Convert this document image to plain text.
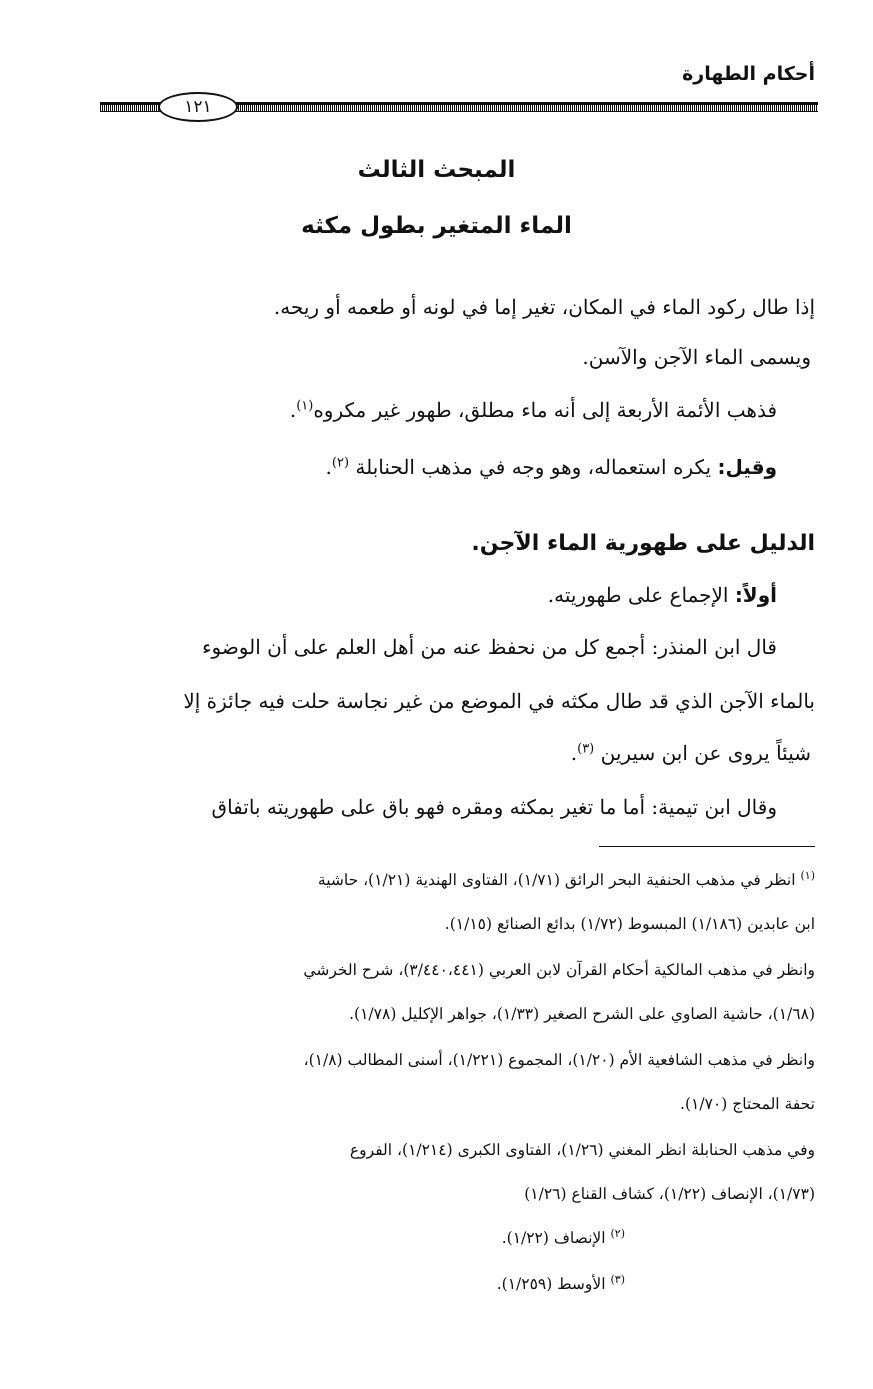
أحكام الطهارة
١٢١
المبحث الثالث
الماء المتغير بطول مكثه
إذا طال ركود الماء في المكان، تغير إما في لونه أو طعمه أو ريحه.
ويسمى الماء الآجن والآسن.
فذهب الأئمة الأربعة إلى أنه ماء مطلق، طهور غير مكروه$^{(١)}$.
وقيل: يكره استعماله، وهو وجه في مذهب الحنابلة $^{(٢)}$.
الدليل على طهورية الماء الآجن.
أولاً: الإجماع على طهوريته.
قال ابن المنذر: أجمع كل من نحفظ عنه من أهل العلم على أن الوضوء
بالماء الآجن الذي قد طال مكثه في الموضع من غير نجاسة حلت فيه جائزة إلا
شيئاً يروى عن ابن سيرين $^{(٣)}$.
وقال ابن تيمية: أما ما تغير بمكثه ومقره فهو باق على طهوريته باتفاق
$^{(١)}$ انظر في مذهب الحنفية البحر الرائق (١/٧١)، الفتاوى الهندية (١/٢١)، حاشية
ابن عابدين (١/١٨٦) المبسوط (١/٧٢) بدائع الصنائع (١/١٥).
وانظر في مذهب المالكية أحكام القرآن لابن العربي (٣/٤٤٠،٤٤١)، شرح الخرشي
(١/٦٨)، حاشية الصاوي على الشرح الصغير (١/٣٣)، جواهر الإكليل (١/٧٨).
وانظر في مذهب الشافعية الأم (١/٢٠)، المجموع (١/٢٢١)، أسنى المطالب (١/٨)،
تحفة المحتاج (١/٧٠).
وفي مذهب الحنابلة انظر المغني (١/٢٦)، الفتاوى الكبرى (١/٢١٤)، الفروع
(١/٧٣)، الإنصاف (١/٢٢)، كشاف القناع (١/٢٦)
$^{(٢)}$ الإنصاف (١/٢٢).
$^{(٣)}$ الأوسط (١/٢٥٩).
